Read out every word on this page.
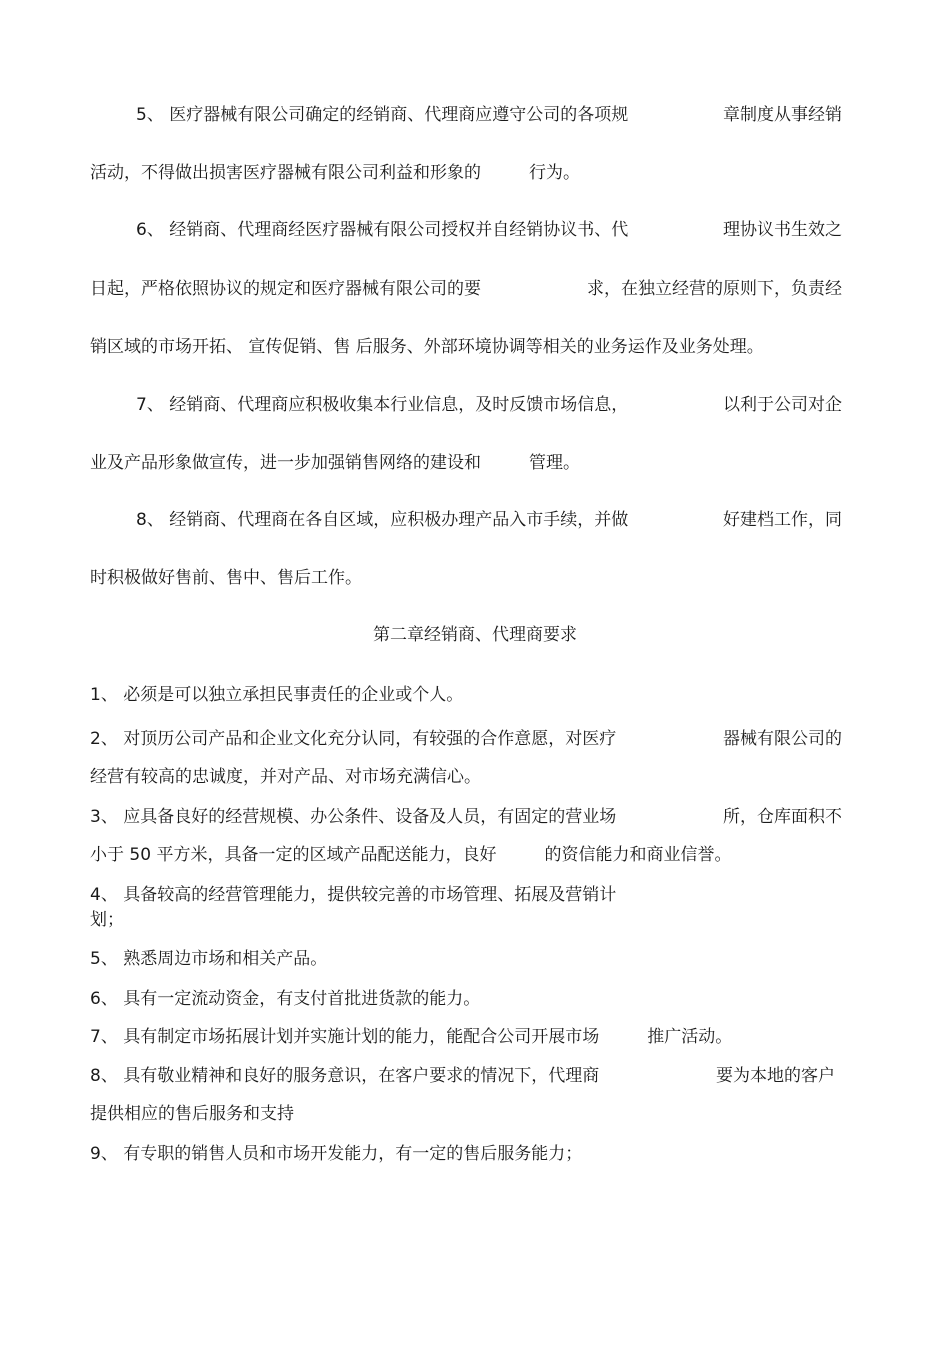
5、 医疗器械有限公司确定的经销商、代理商应遵守公司的各项规	章制度从事经销
活动，不得做出损害医疗器械有限公司利益和形象的	行为。
6、 经销商、代理商经医疗器械有限公司授权并自经销协议书、代	理协议书生效之
日起，严格依照协议的规定和医疗器械有限公司的要	求，在独立经营的原则下，负责经
销区域的市场开拓、 宣传促销、售 后服务、外部环境协调等相关的业务运作及业务处理。
7、 经销商、代理商应积极收集本行业信息，及时反馈市场信息，	以利于公司对企
业及产品形象做宣传，进一步加强销售网络的建设和	管理。
8、 经销商、代理商在各自区域，应积极办理产品入市手续，并做	好建档工作，同
时积极做好售前、售中、售后工作。
第二章经销商、代理商要求
1、 必须是可以独立承担民事责任的企业或个人。
2、 对顶历公司产品和企业文化充分认同，有较强的合作意愿，对医疗	器械有限公司的
经营有较高的忠诚度，并对产品、对市场充满信心。
3、 应具备良好的经营规模、办公条件、设备及人员，有固定的营业场	所，仓库面积不
小于 50 平方米，具备一定的区域产品配送能力，良好	的资信能力和商业信誉。
4、 具备较高的经营管理能力，提供较完善的市场管理、拓展及营销计
划；
5、 熟悉周边市场和相关产品。
6、 具有一定流动资金，有支付首批进货款的能力。
7、 具有制定市场拓展计划并实施计划的能力，能配合公司开展市场	推广活动。
8、 具有敬业精神和良好的服务意识，在客户要求的情况下，代理商	要为本地的客户
提供相应的售后服务和支持
9、 有专职的销售人员和市场开发能力，有一定的售后服务能力；
